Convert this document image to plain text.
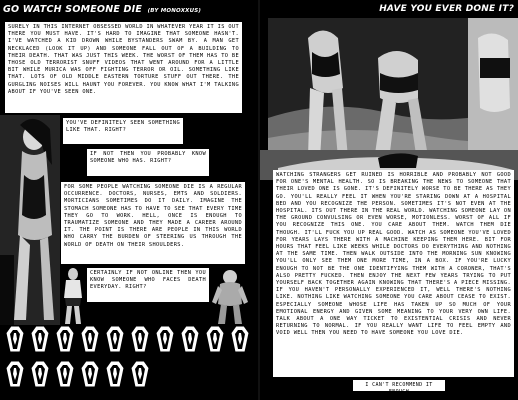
GO WATCH SOMEONE DIE (BY MONOXXUS)	HAVE YOU EVER DONE IT?
SURELY IN THIS INTERNET OBSESSED WORLD IN WHATEVER YEAR IT IS OUT THERE YOU MUST HAVE. IT'S HARD TO IMAGINE THAT SOMEONE HASN'T. I'VE WATCHED A KID DROWN WHILE BYSTANDERS SWAM BY. A MAN GET NECKLACED (LOOK IT UP) AND SOMEONE FALL OUT OF A BUILDING TO THEIR DEATH. THAT WAS JUST THIS WEEK. THE WORST OF THEM HAS TO BE THOSE OLD TERRORIST SNUFF VIDEOS THAT WENT AROUND FOR A LITTLE BIT WHILE MURICA WAS OFF FIGHTING TERROR OR OIL. SOMETHING LIKE THAT. LOTS OF OLD MIDDLE EASTERN TORTURE STUFF OUT THERE. THE GURGLING NOISES WILL HAUNT YOU FOREVER. YOU KNOW WHAT I'M TALKING ABOUT IF YOU'VE SEEN ONE.
YOU'VE DEFINITELY SEEN SOMETHING LIKE THAT. RIGHT?
IF NOT THEN YOU PROBABLY KNOW SOMEONE WHO HAS. RIGHT?
FOR SOME PEOPLE WATCHING SOMEONE DIE IS A REGULAR OCCURRENCE. DOCTORS, NURSES, EMTS AND SOLDIERS. MORTICIANS SOMETIMES DO IT DAILY. IMAGINE THE STOMACH SOMEONE HAS TO HAVE TO SEE THAT EVERY TIME THEY GO TO WORK. HELL, ONCE IS ENOUGH TO TRAUMATIZE SOMEONE AND THEY MADE A CAREER AROUND IT. THE POINT IS THERE ARE PEOPLE IN THIS WORLD WHO CARRY THE BURDEN OF STEERING US THROUGH THE WORLD OF DEATH ON THEIR SHOULDERS.
CERTAINLY IF NOT ONLINE THEN YOU KNOW SOMEONE WHO FACES DEATH EVERYDAY. RIGHT?
WATCHING STRANGERS GET RUINED IS HORRIBLE AND PROBABLY NOT GOOD FOR ONE'S MENTAL HEALTH. SO IS BREAKING THE NEWS TO SOMEONE THAT THEIR LOVED ONE IS GONE. IT'S DEFINITELY WORSE TO BE THERE AS THEY GO. YOU'LL REALLY FEEL IT WHEN YOU'RE STARING DOWN AT A HOSPITAL BED AND YOU RECOGNIZE THE PERSON. SOMETIMES IT'S NOT EVEN AT THE HOSPITAL. ITS OUT THERE IN THE REAL WORLD. WATCHING SOMEONE LAY ON THE GROUND CONVULSING OR EVEN WORSE, MOTIONLESS. WORST OF ALL IF YOU RECOGNIZE THIS ONE. YOU CARE ABOUT THEM. WATCH THEM DIE THOUGH. IT'LL FUCK YOU UP REAL GOOD. WATCH AS SOMEONE YOU'VE LOVED FOR YEARS LAYS THERE WITH A MACHINE KEEPING THEM HERE. BIT FOR HOURS THAT FEEL LIKE WEEKS WHILE DOCTORS DO EVERYTHING AND NOTHING AT THE SAME TIME. THEN WALK OUTSIDE INTO THE MORNING SUN KNOWING YOU'LL ONLY SEE THEM ONE MORE TIME, IN A BOX. IF YOU'RE LUCKY ENOUGH TO NOT BE THE ONE IDENTIFYING THEM WITH A CORONER, THAT'S ALSO PRETTY FUCKED. THEN ENJOY THE NEXT FEW YEARS TRYING TO PUT YOURSELF BACK TOGETHER AGAIN KNOWING THAT THERE'S A PIECE MISSING. IF YOU HAVEN'T PERSONALLY EXPERIENCED IT, WELL THERE'S NOTHING LIKE. NOTHING LIKE WATCHING SOMEONE YOU CARE ABOUT CEASE TO EXIST. ESPECIALLY SOMEONE WHOSE LIFE HAS TAKEN UP SO MUCH OF YOUR EMOTIONAL ENERGY AND GIVEN SOME MEANING TO YOUR VERY OWN LIFE. TALK ABOUT A ONE WAY TICKET TO EXISTENTIAL CRISIS AND NEVER RETURNING TO NORMAL. IF YOU REALLY WANT LIFE TO FEEL EMPTY AND VOID WELL THEN YOU NEED TO HAVE SOMEONE YOU LOVE DIE.
I CAN'T RECOMMEND IT ENOUGH
